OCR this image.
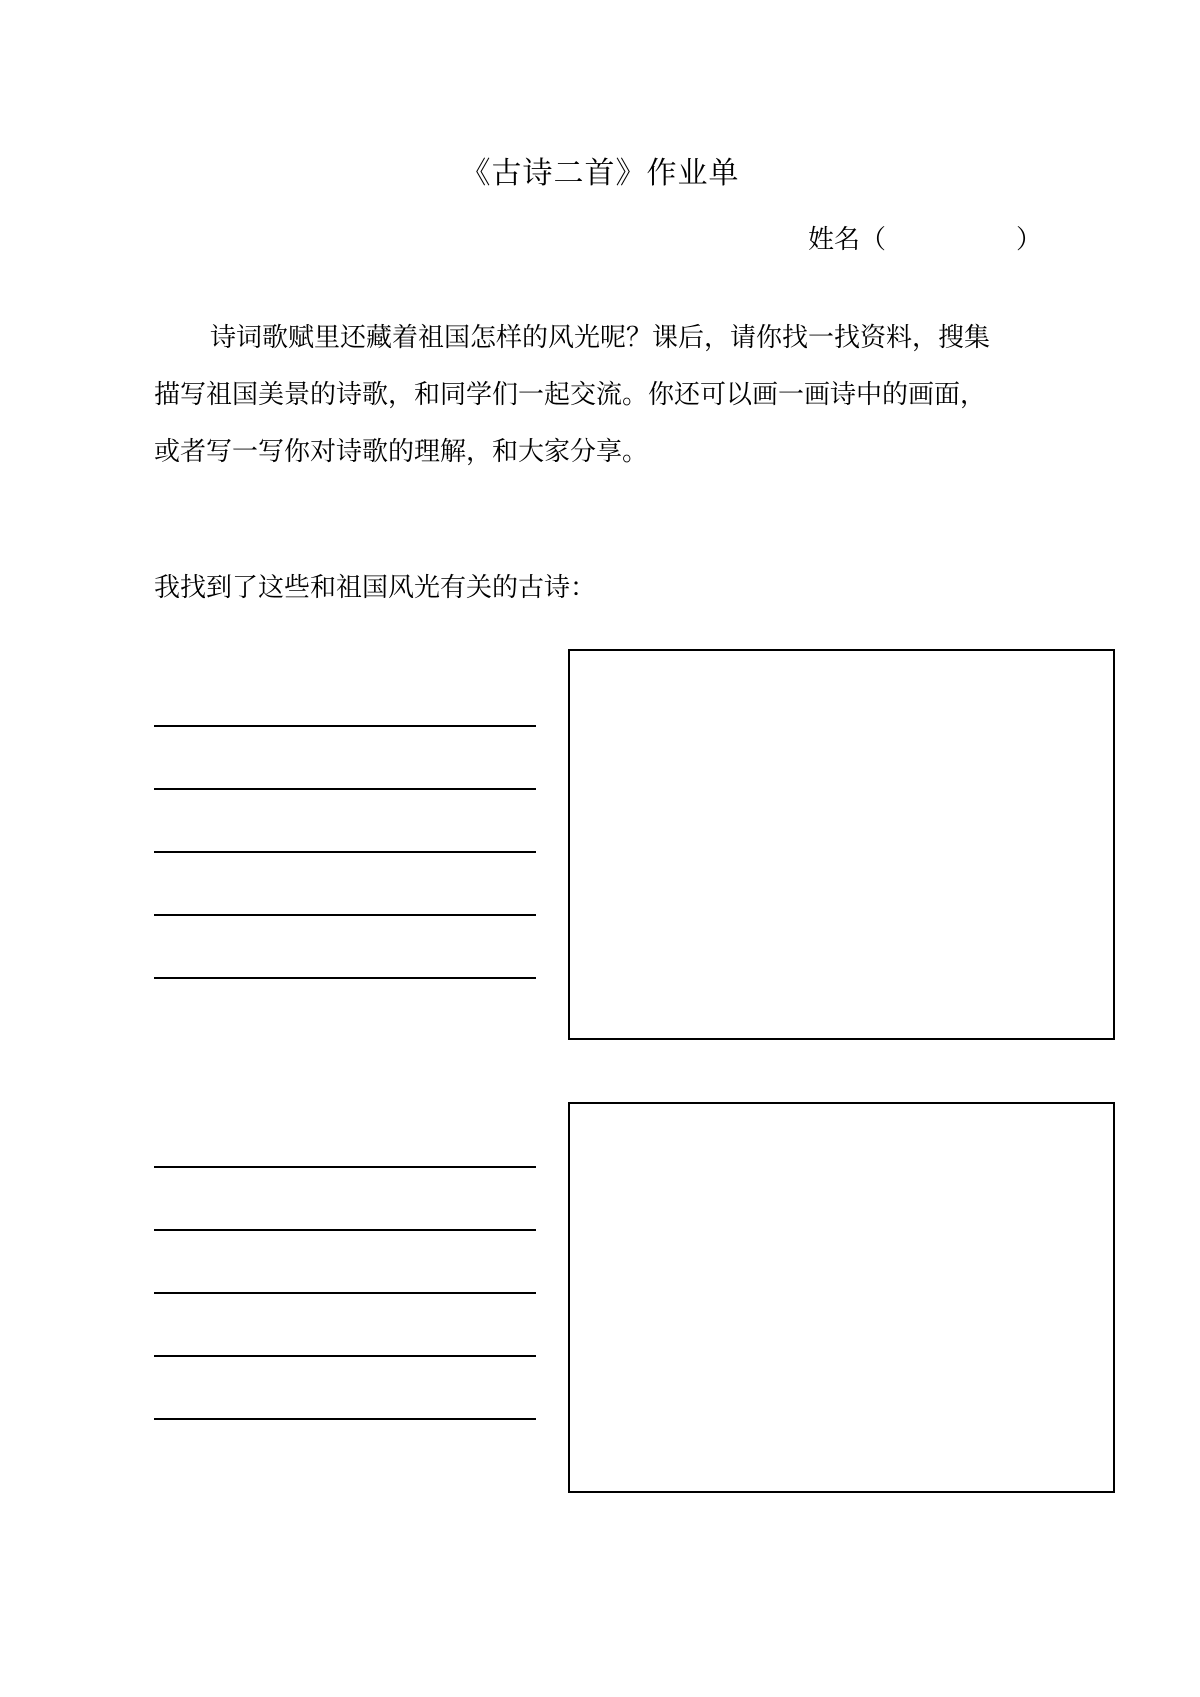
《古诗二首》作业单
姓名（　　　　　）

诗词歌赋里还藏着祖国怎样的风光呢？课后，请你找一找资料，搜集
描写祖国美景的诗歌，和同学们一起交流。你还可以画一画诗中的画面，
或者写一写你对诗歌的理解，和大家分享。

我找到了这些和祖国风光有关的古诗：
